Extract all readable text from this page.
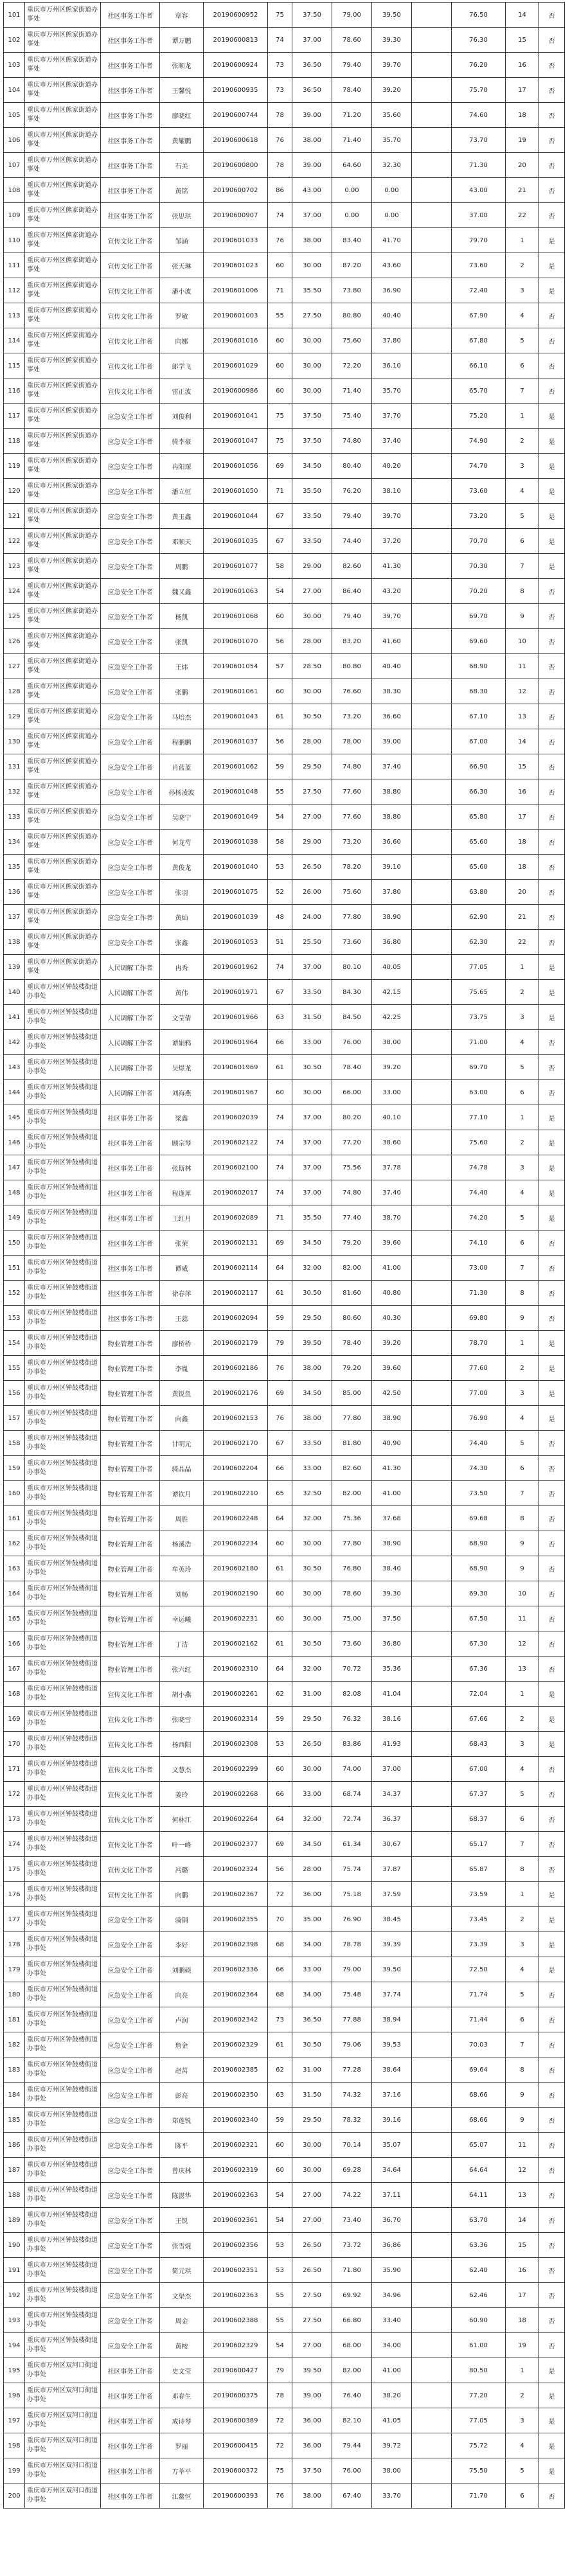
101	重庆市万州区熊家街道办事处	社区事务工作者	章容	20190600952	75	37.50	79.00	39.50		76.50	14	否
102	重庆市万州区熊家街道办事处	社区事务工作者	谭万鹏	20190600813	74	37.00	78.60	39.30		76.30	15	否
103	重庆市万州区熊家街道办事处	社区事务工作者	张顺龙	20190600924	73	36.50	79.40	39.70		76.20	16	否
104	重庆市万州区熊家街道办事处	社区事务工作者	王馨悦	20190600935	73	36.50	78.40	39.20		75.70	17	否
105	重庆市万州区熊家街道办事处	社区事务工作者	廖晓红	20190600744	78	39.00	71.20	35.60		74.60	18	否
106	重庆市万州区熊家街道办事处	社区事务工作者	黄耀鹏	20190600618	76	38.00	71.40	35.70		73.70	19	否
107	重庆市万州区熊家街道办事处	社区事务工作者	石美	20190600800	78	39.00	64.60	32.30		71.30	20	否
108	重庆市万州区熊家街道办事处	社区事务工作者	黄铭	20190600702	86	43.00	0.00	0.00		43.00	21	否
109	重庆市万州区熊家街道办事处	社区事务工作者	张思琪	20190600907	74	37.00	0.00	0.00		37.00	22	否
110	重庆市万州区熊家街道办事处	宣传文化工作者	邹涵	20190601033	76	38.00	83.40	41.70		79.70	1	是
111	重庆市万州区熊家街道办事处	宣传文化工作者	张天琳	20190601023	60	30.00	87.20	43.60		73.60	2	是
112	重庆市万州区熊家街道办事处	宣传文化工作者	潘小波	20190601006	71	35.50	73.80	36.90		72.40	3	是
113	重庆市万州区熊家街道办事处	宣传文化工作者	罗敏	20190601003	55	27.50	80.80	40.40		67.90	4	否
114	重庆市万州区熊家街道办事处	宣传文化工作者	向娜	20190601016	60	30.00	75.60	37.80		67.80	5	否
115	重庆市万州区熊家街道办事处	宣传文化工作者	郎学飞	20190601029	60	30.00	72.20	36.10		66.10	6	否
116	重庆市万州区熊家街道办事处	宣传文化工作者	雷正波	20190600986	60	30.00	71.40	35.70		65.70	7	否
117	重庆市万州区熊家街道办事处	应急安全工作者	刘俊利	20190601041	75	37.50	75.40	37.70		75.20	1	是
118	重庆市万州区熊家街道办事处	应急安全工作者	骑李豪	20190601047	75	37.50	74.80	37.40		74.90	2	是
119	重庆市万州区熊家街道办事处	应急安全工作者	冉阳琛	20190601056	69	34.50	80.40	40.20		74.70	3	是
120	重庆市万州区熊家街道办事处	应急安全工作者	潘立恒	20190601050	71	35.50	76.20	38.10		73.60	4	是
121	重庆市万州区熊家街道办事处	应急安全工作者	黄玉鑫	20190601044	67	33.50	79.40	39.70		73.20	5	是
122	重庆市万州区熊家街道办事处	应急安全工作者	邓顺天	20190601035	67	33.50	74.40	37.20		70.70	6	是
123	重庆市万州区熊家街道办事处	应急安全工作者	周鹏	20190601077	58	29.00	82.60	41.30		70.30	7	是
124	重庆市万州区熊家街道办事处	应急安全工作者	魏又鑫	20190601063	54	27.00	86.40	43.20		70.20	8	否
125	重庆市万州区熊家街道办事处	应急安全工作者	杨凯	20190601068	60	30.00	79.40	39.70		69.70	9	否
126	重庆市万州区熊家街道办事处	应急安全工作者	张凯	20190601070	56	28.00	83.20	41.60		69.60	10	否
127	重庆市万州区熊家街道办事处	应急安全工作者	王炜	20190601054	57	28.50	80.80	40.40		68.90	11	否
128	重庆市万州区熊家街道办事处	应急安全工作者	张鹏	20190601061	60	30.00	76.60	38.30		68.30	12	否
129	重庆市万州区熊家街道办事处	应急安全工作者	马培杰	20190601043	61	30.50	73.20	36.60		67.10	13	否
130	重庆市万州区熊家街道办事处	应急安全工作者	程鹏鹏	20190601037	56	28.00	78.00	39.00		67.00	14	否
131	重庆市万州区熊家街道办事处	应急安全工作者	肖蓝蓝	20190601062	59	29.50	74.80	37.40		66.90	15	否
132	重庆市万州区熊家街道办事处	应急安全工作者	孙杨凌波	20190601048	55	27.50	77.60	38.80		66.30	16	否
133	重庆市万州区熊家街道办事处	应急安全工作者	吴晓宁	20190601049	54	27.00	77.60	38.80		65.80	17	否
134	重庆市万州区熊家街道办事处	应急安全工作者	何龙芍	20190601038	58	29.00	73.20	36.60		65.60	18	否
135	重庆市万州区熊家街道办事处	应急安全工作者	黄俊龙	20190601040	53	26.50	78.20	39.10		65.60	18	否
136	重庆市万州区熊家街道办事处	应急安全工作者	张羽	20190601075	52	26.00	75.60	37.80		63.80	20	否
137	重庆市万州区熊家街道办事处	应急安全工作者	黄灿	20190601039	48	24.00	77.80	38.90		62.90	21	否
138	重庆市万州区熊家街道办事处	应急安全工作者	张鑫	20190601053	51	25.50	73.60	36.80		62.30	22	否
139	重庆市万州区熊家街道办事处	人民调解工作者	冉秀	20190601962	74	37.00	80.10	40.05		77.05	1	是
140	重庆市万州区钟鼓楼街道办事处	人民调解工作者	黄伟	20190601971	67	33.50	84.30	42.15		75.65	2	是
141	重庆市万州区钟鼓楼街道办事处	人民调解工作者	文莹倩	20190601966	63	31.50	84.50	42.25		73.75	3	是
142	重庆市万州区钟鼓楼街道办事处	人民调解工作者	谭娟鸦	20190601964	66	33.00	76.00	38.00		71.00	4	否
143	重庆市万州区钟鼓楼街道办事处	人民调解工作者	吴煜龙	20190601969	61	30.50	78.40	39.20		69.70	5	否
144	重庆市万州区钟鼓楼街道办事处	人民调解工作者	刘海燕	20190601967	60	30.00	66.00	33.00		63.00	6	否
145	重庆市万州区钟鼓楼街道办事处	社区事务工作者	梁鑫	20190602039	74	37.00	80.20	40.10		77.10	1	是
146	重庆市万州区钟鼓楼街道办事处	社区事务工作者	顾宗琴	20190602122	74	37.00	77.20	38.60		75.60	2	是
147	重庆市万州区钟鼓楼街道办事处	社区事务工作者	张斯林	20190602100	74	37.00	75.56	37.78		74.78	3	是
148	重庆市万州区钟鼓楼街道办事处	社区事务工作者	程逢犀	20190602017	74	37.00	74.80	37.40		74.40	4	是
149	重庆市万州区钟鼓楼街道办事处	社区事务工作者	王红月	20190602089	71	35.50	77.40	38.70		74.20	5	是
150	重庆市万州区钟鼓楼街道办事处	社区事务工作者	张荣	20190602131	69	34.50	79.20	39.60		74.10	6	否
151	重庆市万州区钟鼓楼街道办事处	社区事务工作者	谭威	20190602114	64	32.00	82.00	41.00		73.00	7	否
152	重庆市万州区钟鼓楼街道办事处	社区事务工作者	徐春萍	20190602117	61	30.50	81.60	40.80		71.30	8	否
153	重庆市万州区钟鼓楼街道办事处	社区事务工作者	王蕊	20190602094	59	29.50	80.60	40.30		69.80	9	否
154	重庆市万州区钟鼓楼街道办事处	物业管理工作者	廖桥桥	20190602179	79	39.50	78.40	39.20		78.70	1	是
155	重庆市万州区钟鼓楼街道办事处	物业管理工作者	李胤	20190602186	76	38.00	79.20	39.60		77.60	2	是
156	重庆市万州区钟鼓楼街道办事处	物业管理工作者	黄锐鱼	20190602176	69	34.50	85.00	42.50		77.00	3	是
157	重庆市万州区钟鼓楼街道办事处	物业管理工作者	向鑫	20190602153	76	38.00	77.80	38.90		76.90	4	是
158	重庆市万州区钟鼓楼街道办事处	物业管理工作者	甘明元	20190602170	67	33.50	81.80	40.90		74.40	5	否
159	重庆市万州区钟鼓楼街道办事处	物业管理工作者	骑晶晶	20190602204	66	33.00	82.60	41.30		74.30	6	否
160	重庆市万州区钟鼓楼街道办事处	物业管理工作者	谭钦月	20190602210	65	32.50	82.00	41.00		73.50	7	否
161	重庆市万州区钟鼓楼街道办事处	物业管理工作者	周胜	20190602248	64	32.00	75.36	37.68		69.68	8	否
162	重庆市万州区钟鼓楼街道办事处	物业管理工作者	杨溪浩	20190602234	60	30.00	77.80	38.90		68.90	9	否
163	重庆市万州区钟鼓楼街道办事处	物业管理工作者	牟英玲	20190602180	61	30.50	76.80	38.40		68.90	9	否
164	重庆市万州区钟鼓楼街道办事处	物业管理工作者	刘畅	20190602190	60	30.00	78.60	39.30		69.30	10	否
165	重庆市万州区钟鼓楼街道办事处	物业管理工作者	幸运曦	20190602231	60	30.00	75.00	37.50		67.50	11	否
166	重庆市万州区钟鼓楼街道办事处	物业管理工作者	丁洁	20190602162	61	30.50	73.60	36.80		67.30	12	否
167	重庆市万州区钟鼓楼街道办事处	物业管理工作者	张六红	20190602310	64	32.00	70.72	35.36		67.36	13	否
168	重庆市万州区钟鼓楼街道办事处	宣传文化工作者	胡小燕	20190602261	62	31.00	82.08	41.04		72.04	1	是
169	重庆市万州区钟鼓楼街道办事处	宣传文化工作者	张晓雪	20190602314	59	29.50	76.32	38.16		67.66	2	是
170	重庆市万州区钟鼓楼街道办事处	宣传文化工作者	杨西阳	20190602308	53	26.50	83.86	41.93		68.43	3	是
171	重庆市万州区钟鼓楼街道办事处	宣传文化工作者	文慧杰	20190602299	60	30.00	74.00	37.00		67.00	4	否
172	重庆市万州区钟鼓楼街道办事处	宣传文化工作者	姜玲	20190602268	66	33.00	68.74	34.37		67.37	5	否
173	重庆市万州区钟鼓楼街道办事处	宣传文化工作者	何林江	20190602264	64	32.00	72.74	36.37		68.37	6	否
174	重庆市万州区钟鼓楼街道办事处	宣传文化工作者	叶一峰	20190602377	69	34.50	61.34	30.67		65.17	7	否
175	重庆市万州区钟鼓楼街道办事处	宣传文化工作者	冯璐	20190602324	56	28.00	75.74	37.87		65.87	8	否
176	重庆市万州区钟鼓楼街道办事处	宣传文化工作者	向鹏	20190602367	72	36.00	75.18	37.59		73.59	1	是
177	重庆市万州区钟鼓楼街道办事处	应急安全工作者	骑钢	20190602355	70	35.00	76.90	38.45		73.45	2	是
178	重庆市万州区钟鼓楼街道办事处	应急安全工作者	李好	20190602398	68	34.00	78.78	39.39		73.39	3	是
179	重庆市万州区钟鼓楼街道办事处	应急安全工作者	刘鹏硕	20190602336	66	33.00	79.00	39.50		72.50	4	是
180	重庆市万州区钟鼓楼街道办事处	应急安全工作者	向亮	20190602364	68	34.00	75.48	37.74		71.74	5	否
181	重庆市万州区钟鼓楼街道办事处	应急安全工作者	卢润	20190602342	73	36.50	77.88	38.94		71.44	6	否
182	重庆市万州区钟鼓楼街道办事处	应急安全工作者	詹金	20190602329	61	30.50	79.06	39.53		70.03	7	否
183	重庆市万州区钟鼓楼街道办事处	应急安全工作者	赵莴	20190602385	62	31.00	77.28	38.64		69.64	8	否
184	重庆市万州区钟鼓楼街道办事处	应急安全工作者	彭亮	20190602350	63	31.50	74.32	37.16		68.66	9	否
185	重庆市万州区钟鼓楼街道办事处	应急安全工作者	郑莲锐	20190602340	59	29.50	78.32	39.16		68.66	9	否
186	重庆市万州区钟鼓楼街道办事处	应急安全工作者	陈平	20190602321	60	30.00	70.14	35.07		65.07	11	否
187	重庆市万州区钟鼓楼街道办事处	应急安全工作者	曾庆林	20190602319	60	30.00	69.28	34.64		64.64	12	否
188	重庆市万州区钟鼓楼街道办事处	应急安全工作者	陈湛华	20190602363	54	27.00	74.22	37.11		64.11	13	否
189	重庆市万州区钟鼓楼街道办事处	应急安全工作者	王锐	20190602361	54	27.00	73.40	36.70		63.70	14	否
190	重庆市万州区钟鼓楼街道办事处	应急安全工作者	张雪焜	20190602356	53	26.50	73.72	36.86		63.36	15	否
191	重庆市万州区钟鼓楼街道办事处	应急安全工作者	简元琪	20190602351	53	26.50	71.80	35.90		62.40	16	否
192	重庆市万州区钟鼓楼街道办事处	应急安全工作者	文渠杰	20190602363	55	27.50	69.92	34.96		62.46	17	否
193	重庆市万州区钟鼓楼街道办事处	应急安全工作者	周金	20190602388	55	27.50	66.80	33.40		60.90	18	否
194	重庆市万州区钟鼓楼街道办事处	应急安全工作者	黄桉	20190602329	54	27.00	68.00	34.00		61.00	19	否
195	重庆市万州区双河口街道办事处	社区事务工作者	史文莹	20190600427	79	39.50	82.00	41.00		80.50	1	是
196	重庆市万州区双河口街道办事处	社区事务工作者	邓春生	20190600375	78	39.00	76.40	38.20		77.20	2	是
197	重庆市万州区双河口街道办事处	社区事务工作者	成诗琴	20190600389	72	36.00	82.10	41.05		77.05	3	是
198	重庆市万州区双河口街道办事处	社区事务工作者	罗丽	20190600415	72	36.00	79.44	39.72		75.72	4	是
199	重庆市万州区双河口街道办事处	社区事务工作者	方莘平	20190600372	75	37.50	76.00	38.00		75.50	5	是
200	重庆市万州区双河口街道办事处	社区事务工作者	江鳌恒	20190600393	76	38.00	67.40	33.70		71.70	6	否
